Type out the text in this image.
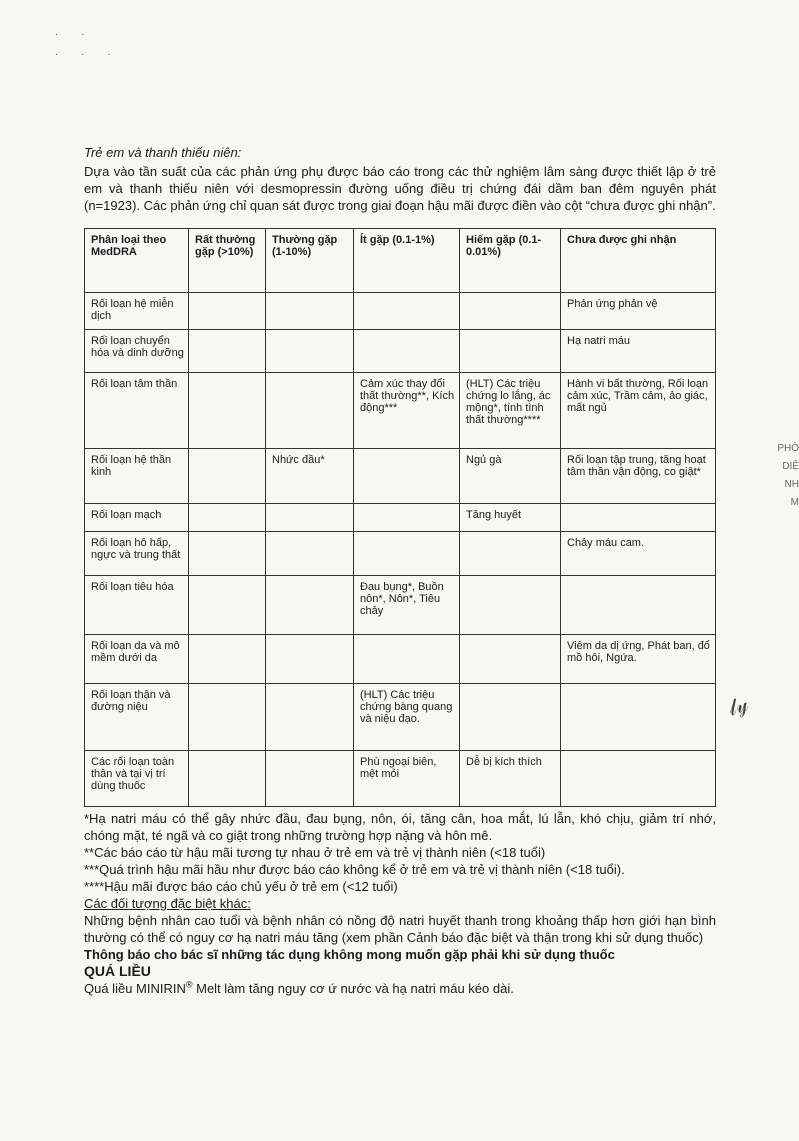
· ·
· · ·

Trẻ em và thanh thiếu niên:

Dựa vào tần suất của các phản ứng phụ được báo cáo trong các thử nghiệm lâm sàng được thiết lập ở trẻ em và thanh thiếu niên với desmopressin đường uống điều trị chứng đái dầm ban đêm nguyên phát (n=1923). Các phản ứng chỉ quan sát được trong giai đoạn hậu mãi được điền vào cột “chưa được ghi nhận”.

Phân loại theo MedDRA	Rất thường gặp (>10%)	Thường gặp (1-10%)	Ít gặp (0.1-1%)	Hiếm gặp (0.1-0.01%)	Chưa được ghi nhận
Rối loạn hệ miễn dịch					Phản ứng phản vệ
Rối loạn chuyển hóa và dinh dưỡng					Hạ natri máu
Rối loạn tâm thần			Cảm xúc thay đổi thất thường**, Kích động***	(HLT) Các triệu chứng lo lắng, ác mộng*, tính tình thất thường****	Hành vi bất thường, Rối loạn cảm xúc, Trầm cảm, ảo giác, mất ngủ
Rối loạn hệ thần kinh		Nhức đầu*		Ngủ gà	Rối loạn tập trung, tăng hoạt tâm thần vận động, co giật*
Rối loạn mạch				Tăng huyết	
Rối loạn hô hấp, ngực và trung thất					Chảy máu cam.
Rối loạn tiêu hóa			Đau bụng*, Buồn nôn*, Nôn*, Tiêu chảy		
Rối loạn da và mô mềm dưới da					Viêm da dị ứng, Phát ban, đổ mồ hôi, Ngứa.
Rối loạn thận và đường niệu			(HLT) Các triệu chứng bàng quang và niệu đạo.		
Các rối loạn toàn thân và tại vị trí dùng thuốc			Phù ngoại biên, mệt mỏi	Dễ bị kích thích	

*Hạ natri máu có thể gây nhức đầu, đau bụng, nôn, ói, tăng cân, hoa mắt, lú lẫn, khó chịu, giảm trí nhớ, chóng mặt, té ngã và co giật trong những trường hợp nặng và hôn mê.

**Các báo cáo từ hậu mãi tương tự nhau ở trẻ em và trẻ vị thành niên (<18 tuổi)

***Quá trình hậu mãi hầu như được báo cáo không kể ở trẻ em và trẻ vị thành niên (<18 tuổi).

****Hậu mãi được báo cáo chủ yếu ở trẻ em (<12 tuổi)

Các đối tượng đặc biệt khác:

Những bệnh nhân cao tuổi và bệnh nhân có nồng độ natri huyết thanh trong khoảng thấp hơn giới hạn bình thường có thể có nguy cơ hạ natri máu tăng (xem phần Cảnh báo đặc biệt và thận trong khi sử dụng thuốc)

Thông báo cho bác sĩ những tác dụng không mong muốn gặp phải khi sử dụng thuốc

QUÁ LIỀU

Quá liều MINIRIN® Melt làm tăng nguy cơ ứ nước và hạ natri máu kéo dài.

PHÒ
DIỆ
NH
M
𝓁𝓎
